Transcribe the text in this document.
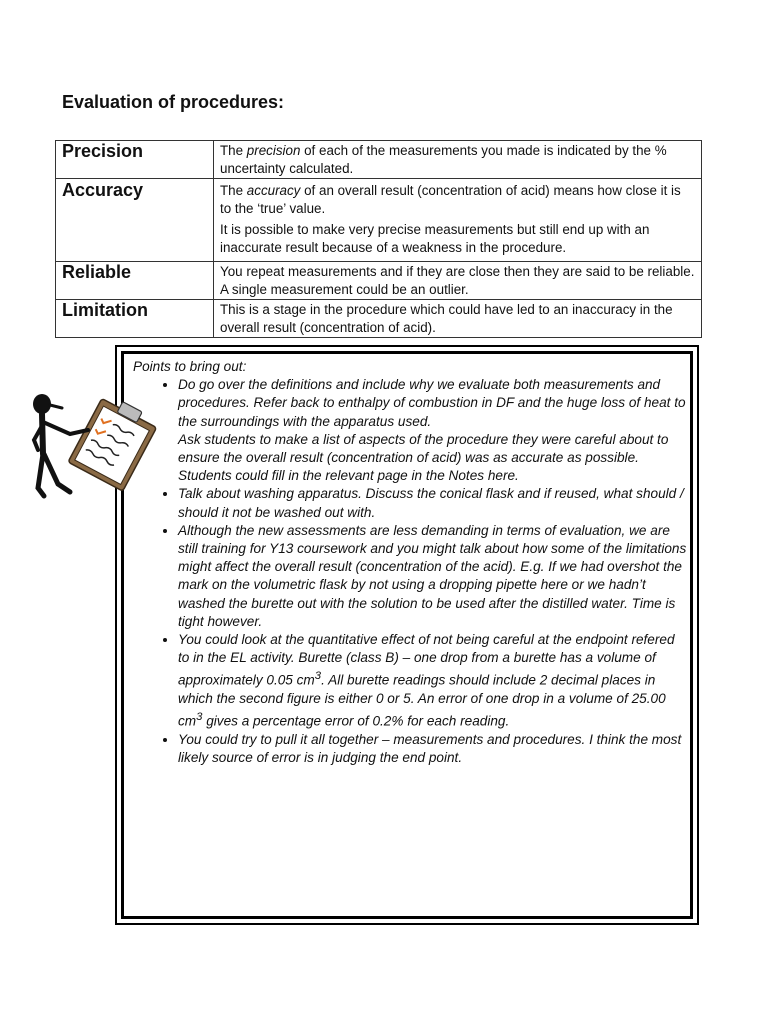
Evaluation of procedures:
Precision	The precision of each of the measurements you made is indicated by the % uncertainty calculated.

Accuracy	The accuracy of an overall result (concentration of acid) means how close it is to the ‘true’ value.

It is possible to make very precise measurements but still end up with an inaccurate result because of a weakness in the procedure.

Reliable	You repeat measurements and if they are close then they are said to be reliable. A single measurement could be an outlier.

Limitation	This is a stage in the procedure which could have led to an inaccuracy in the overall result (concentration of acid).

Points to bring out:

• Do go over the definitions and include why we evaluate both measurements and procedures. Refer back to enthalpy of combustion in DF and the huge loss of heat to the surroundings with the apparatus used.

Ask students to make a list of aspects of the procedure they were careful about to ensure the overall result (concentration of acid) was as accurate as possible. Students could fill in the relevant page in the Notes here.

• Talk about washing apparatus. Discuss the conical flask and if reused, what should / should it not be washed out with.
• Although the new assessments are less demanding in terms of evaluation, we are still training for Y13 coursework and you might talk about how some of the limitations might affect the overall result (concentration of the acid). E.g. If we had overshot the mark on the volumetric flask by not using a dropping pipette here or we hadn’t washed the burette out with the solution to be used after the distilled water. Time is tight however.
• You could look at the quantitative effect of not being careful at the endpoint refered to in the EL activity. Burette (class B) – one drop from a burette has a volume of approximately 0.05 $cm^3$. All burette readings should include 2 decimal places in which the second figure is either 0 or 5. An error of one drop in a volume of 25.00 $cm^3$ gives a percentage error of 0.2% for each reading.
• You could try to pull it all together – measurements and procedures. I think the most likely source of error is in judging the end point.
